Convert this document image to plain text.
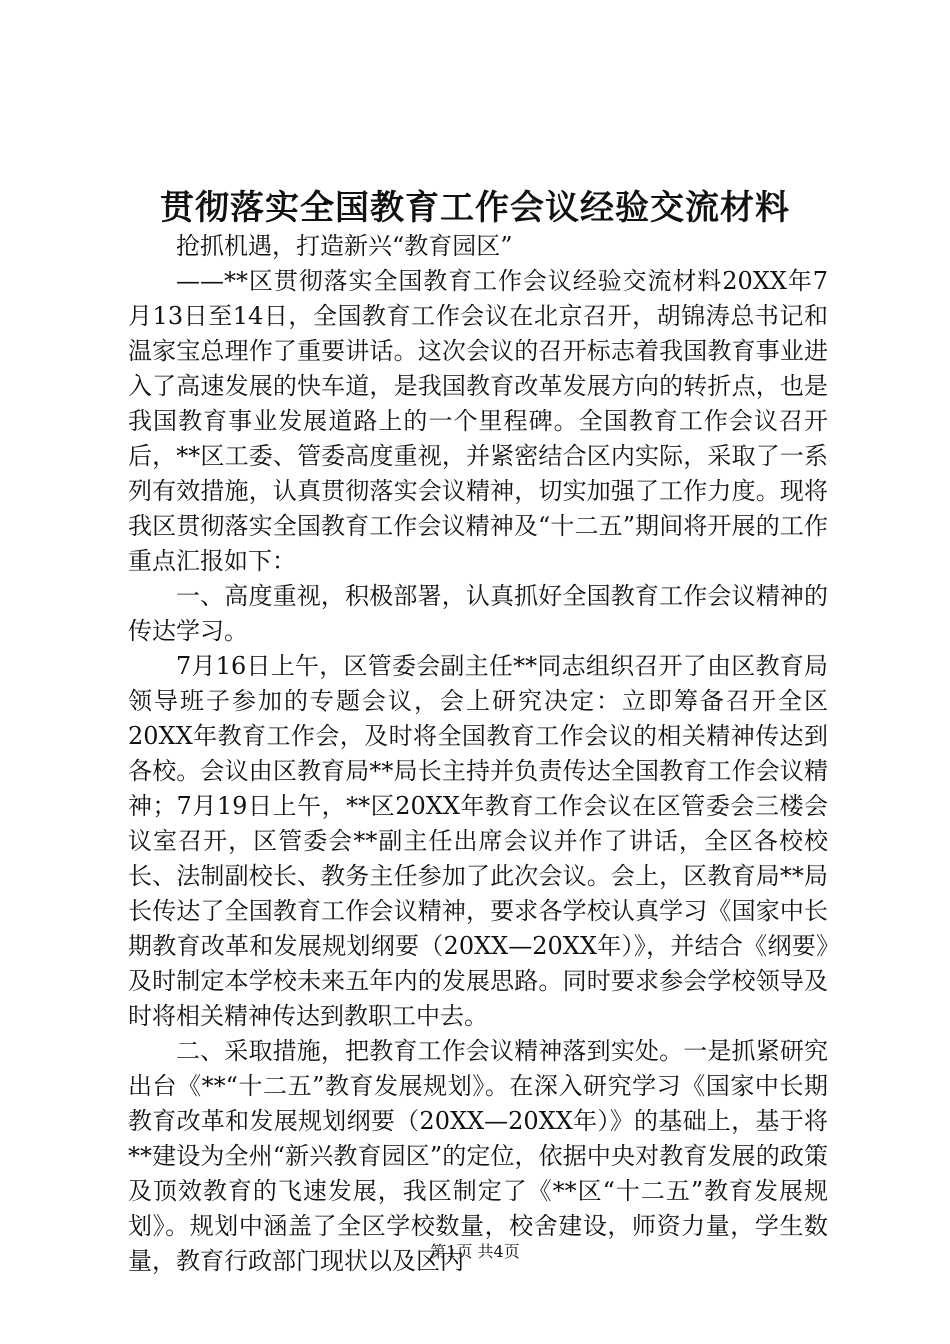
贯彻落实全国教育工作会议经验交流材料

抢抓机遇，打造新兴“教育园区”

——**区贯彻落实全国教育工作会议经验交流材料20XX年7月13日至14日，全国教育工作会议在北京召开，胡锦涛总书记和温家宝总理作了重要讲话。这次会议的召开标志着我国教育事业进入了高速发展的快车道，是我国教育改革发展方向的转折点，也是我国教育事业发展道路上的一个里程碑。全国教育工作会议召开后，**区工委、管委高度重视，并紧密结合区内实际，采取了一系列有效措施，认真贯彻落实会议精神，切实加强了工作力度。现将我区贯彻落实全国教育工作会议精神及“十二五”期间将开展的工作重点汇报如下：

一、高度重视，积极部署，认真抓好全国教育工作会议精神的传达学习。

7月16日上午，区管委会副主任**同志组织召开了由区教育局领导班子参加的专题会议，会上研究决定：立即筹备召开全区20XX年教育工作会，及时将全国教育工作会议的相关精神传达到各校。会议由区教育局**局长主持并负责传达全国教育工作会议精神；7月19日上午，**区20XX年教育工作会议在区管委会三楼会议室召开，区管委会**副主任出席会议并作了讲话，全区各校校长、法制副校长、教务主任参加了此次会议。会上，区教育局**局长传达了全国教育工作会议精神，要求各学校认真学习《国家中长期教育改革和发展规划纲要（20XX—20XX年）》，并结合《纲要》及时制定本学校未来五年内的发展思路。同时要求参会学校领导及时将相关精神传达到教职工中去。

二、采取措施，把教育工作会议精神落到实处。一是抓紧研究出台《**“十二五”教育发展规划》。在深入研究学习《国家中长期教育改革和发展规划纲要（20XX—20XX年）》的基础上，基于将**建设为全州“新兴教育园区”的定位，依据中央对教育发展的政策及顶效教育的飞速发展，我区制定了《**区“十二五”教育发展规划》。规划中涵盖了全区学校数量，校舍建设，师资力量，学生数量，教育行政部门现状以及区内

第1页 共4页
